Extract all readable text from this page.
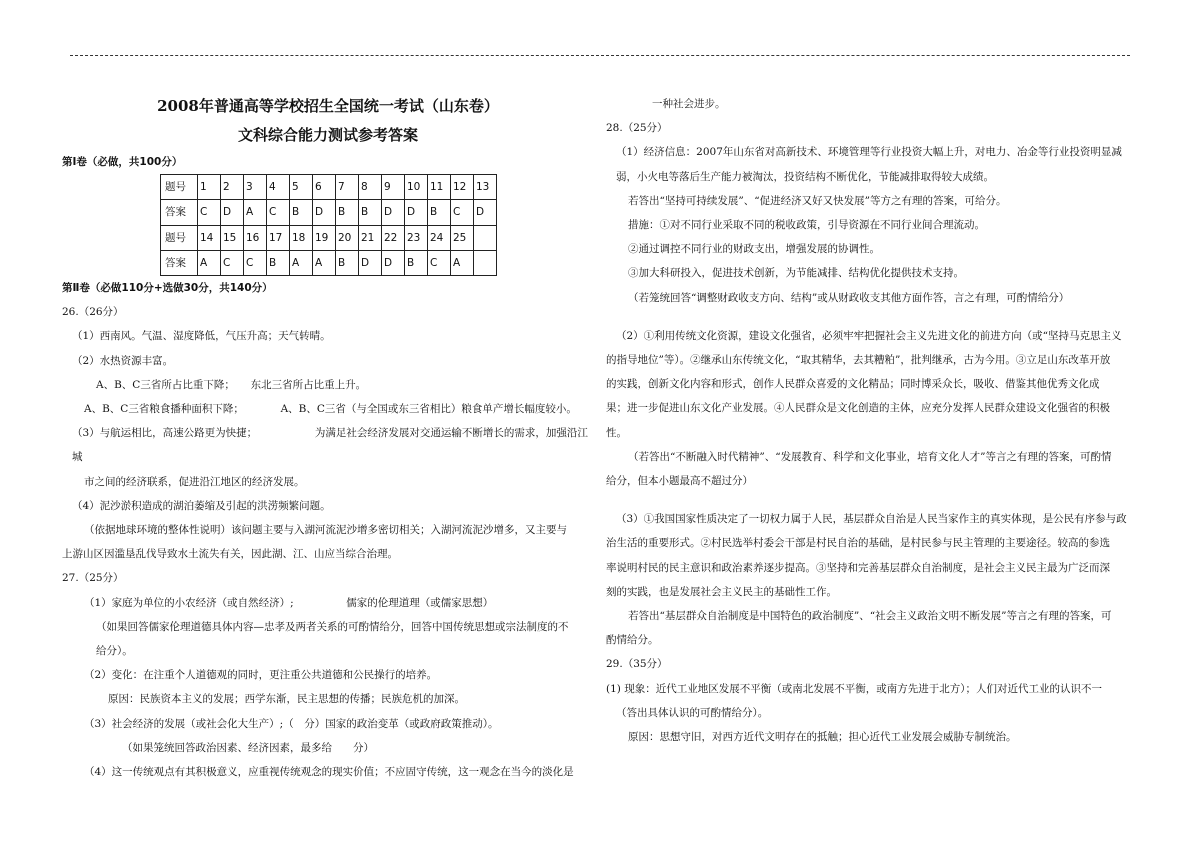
2008年普通高等学校招生全国统一考试（山东卷）
文科综合能力测试参考答案
第Ⅰ卷（必做，共100分）
题号	1	2	3	4	5	6	7	8	9	10	11	12	13
答案	C	D	A	C	B	D	B	B	D	D	B	C	D
题号	14	15	16	17	18	19	20	21	22	23	24	25	
答案	A	C	C	B	A	A	B	D	D	B	C	A	
第Ⅱ卷（必做110分+选做30分，共140分）
26.（26分）
（1）西南风。气温、湿度降低，气压升高；天气转晴。
（2）水热资源丰富。
A、B、C三省所占比重下降；　　东北三省所占比重上升。
A、B、C三省粮食播种面积下降；　　　　A、B、C三省（与全国或东三省相比）粮食单产增长幅度较小。
（3）与航运相比，高速公路更为快捷；　　　　　　为满足社会经济发展对交通运输不断增长的需求，加强沿江城
市之间的经济联系，促进沿江地区的经济发展。
（4）泥沙淤积造成的湖泊萎缩及引起的洪涝频繁问题。
（依据地球环境的整体性说明）该问题主要与入湖河流泥沙增多密切相关；入湖河流泥沙增多，又主要与
上游山区因滥垦乱伐导致水土流失有关，因此湖、江、山应当综合治理。
27.（25分）
（1）家庭为单位的小农经济（或自然经济）;　　　　　儒家的伦理道理（或儒家思想）
（如果回答儒家伦理道德具体内容—忠孝及两者关系的可酌情给分，回答中国传统思想或宗法制度的不
给分）。
（2）变化：在注重个人道德观的同时，更注重公共道德和公民操行的培养。
原因：民族资本主义的发展；西学东渐，民主思想的传播；民族危机的加深。
（3）社会经济的发展（或社会化大生产）;（　分）国家的政治变革（或政府政策推动）。
（如果笼统回答政治因素、经济因素，最多给　　分）
（4）这一传统观点有其积极意义，应重视传统观念的现实价值；不应固守传统，这一观念在当今的淡化是
一种社会进步。
28.（25分）
（1）经济信息：2007年山东省对高新技术、环境管理等行业投资大幅上升，对电力、冶金等行业投资明显减
弱，小火电等落后生产能力被淘汰，投资结构不断优化，节能减排取得较大成绩。
若答出“坚持可持续发展”、“促进经济又好又快发展”等方之有理的答案，可给分。
措施：①对不同行业采取不同的税收政策，引导资源在不同行业间合理流动。
②通过调控不同行业的财政支出，增强发展的协调性。
③加大科研投入，促进技术创新，为节能减排、结构优化提供技术支持。
（若笼统回答“调整财政收支方向、结构”或从财政收支其他方面作答，言之有理，可酌情给分）
（2）①利用传统文化资源，建设文化强省，必须牢牢把握社会主义先进文化的前进方向（或“坚持马克思主义
的指导地位”等）。②继承山东传统文化，“取其精华，去其糟粕”，批判继承，古为今用。③立足山东改革开放
的实践，创新文化内容和形式，创作人民群众喜爱的文化精品；同时博采众长，吸收、借鉴其他优秀文化成
果；进一步促进山东文化产业发展。④人民群众是文化创造的主体，应充分发挥人民群众建设文化强省的积极
性。
（若答出“不断融入时代精神”、“发展教育、科学和文化事业，培育文化人才”等言之有理的答案，可酌情
给分，但本小题最高不超过分）
（3）①我国国家性质决定了一切权力属于人民，基层群众自治是人民当家作主的真实体现，是公民有序参与政
治生活的重要形式。②村民选举村委会干部是村民自治的基础，是村民参与民主管理的主要途径。较高的参选
率说明村民的民主意识和政治素养逐步提高。③坚持和完善基层群众自治制度，是社会主义民主最为广泛而深
刻的实践，也是发展社会主义民主的基础性工作。
若答出“基层群众自治制度是中国特色的政治制度”、“社会主义政治文明不断发展”等言之有理的答案，可
酌情给分。
29.（35分）
(1) 现象：近代工业地区发展不平衡（或南北发展不平衡，或南方先进于北方）；人们对近代工业的认识不一
（答出具体认识的可酌情给分）。
原因：思想守旧，对西方近代文明存在的抵触；担心近代工业发展会威胁专制统治。
